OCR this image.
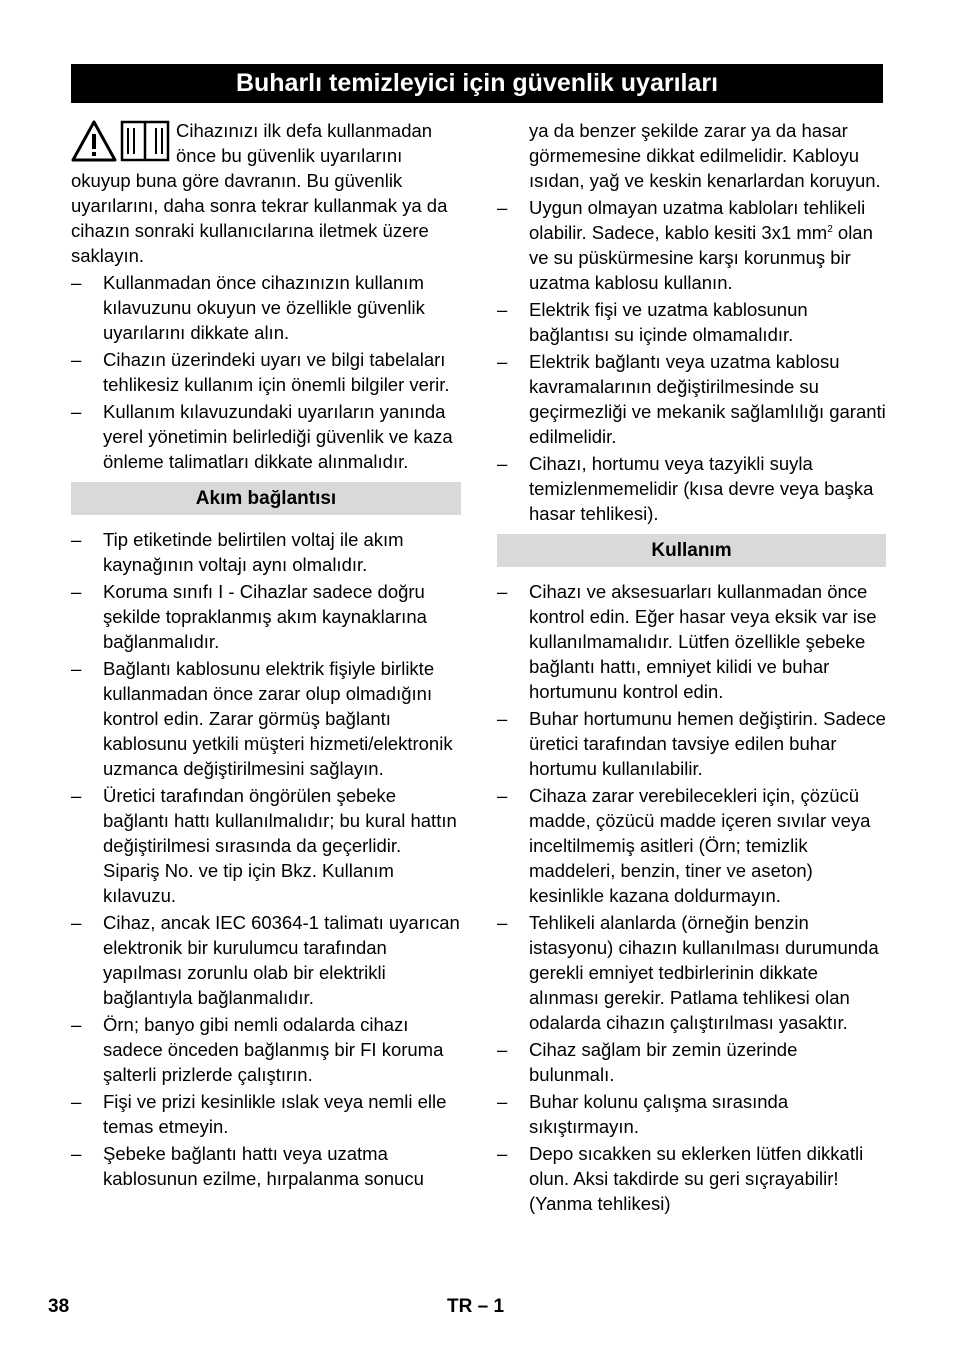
Buharlı temizleyici için güvenlik uyarıları

Cihazınızı ilk defa kullanmadan önce bu güvenlik uyarılarını okuyup buna göre davranın. Bu güvenlik uyarılarını, daha sonra tekrar kullanmak ya da cihazın sonraki kullanıcılarına iletmek üzere saklayın.

– Kullanmadan önce cihazınızın kullanım kılavuzunu okuyun ve özellikle güvenlik uyarılarını dikkate alın.
– Cihazın üzerindeki uyarı ve bilgi tabelaları tehlikesiz kullanım için önemli bilgiler verir.
– Kullanım kılavuzundaki uyarıların yanında yerel yönetimin belirlediği güvenlik ve kaza önleme talimatları dikkate alınmalıdır.
Akım bağlantısı
– Tip etiketinde belirtilen voltaj ile akım kaynağının voltajı aynı olmalıdır.
– Koruma sınıfı I - Cihazlar sadece doğru şekilde topraklanmış akım kaynaklarına bağlanmalıdır.
– Bağlantı kablosunu elektrik fişiyle birlikte kullanmadan önce zarar olup olmadığını kontrol edin. Zarar görmüş bağlantı kablosunu yetkili müşteri hizmeti/elektronik uzmanca değiştirilmesini sağlayın.
– Üretici tarafından öngörülen şebeke bağlantı hattı kullanılmalıdır; bu kural hattın değiştirilmesi sırasında da geçerlidir. Sipariş No. ve tip için Bkz. Kullanım kılavuzu.
– Cihaz, ancak IEC 60364-1 talimatı uyarıcan elektronik bir kurulumcu tarafından yapılması zorunlu olab bir elektrikli bağlantıyla bağlanmalıdır.
– Örn; banyo gibi nemli odalarda cihazı sadece önceden bağlanmış bir FI koruma şalterli prizlerde çalıştırın.
– Fişi ve prizi kesinlikle ıslak veya nemli elle temas etmeyin.
– Şebeke bağlantı hattı veya uzatma kablosunun ezilme, hırpalanma sonucu
ya da benzer şekilde zarar ya da hasar görmemesine dikkat edilmelidir. Kabloyu ısıdan, yağ ve keskin kenarlardan koruyun.
– Uygun olmayan uzatma kabloları tehlikeli olabilir. Sadece, kablo kesiti 3x1 $mm^2$ olan ve su püskürmesine karşı korunmuş bir uzatma kablosu kullanın.
– Elektrik fişi ve uzatma kablosunun bağlantısı su içinde olmamalıdır.
– Elektrik bağlantı veya uzatma kablosu kavramalarının değiştirilmesinde su geçirmezliği ve mekanik sağlamlılığı garanti edilmelidir.
– Cihazı, hortumu veya tazyikli suyla temizlenmemelidir (kısa devre veya başka hasar tehlikesi).
Kullanım
– Cihazı ve aksesuarları kullanmadan önce kontrol edin. Eğer hasar veya eksik var ise kullanılmamalıdır. Lütfen özellikle şebeke bağlantı hattı, emniyet kilidi ve buhar hortumunu kontrol edin.
– Buhar hortumunu hemen değiştirin. Sadece üretici tarafından tavsiye edilen buhar hortumu kullanılabilir.
– Cihaza zarar verebilecekleri için, çözücü madde, çözücü madde içeren sıvılar veya inceltilmemiş asitleri (Örn; temizlik maddeleri, benzin, tiner ve aseton) kesinlikle kazana doldurmayın.
– Tehlikeli alanlarda (örneğin benzin istasyonu) cihazın kullanılması durumunda gerekli emniyet tedbirlerinin dikkate alınması gerekir. Patlama tehlikesi olan odalarda cihazın çalıştırılması yasaktır.
– Cihaz sağlam bir zemin üzerinde bulunmalı.
– Buhar kolunu çalışma sırasında sıkıştırmayın.
– Depo sıcakken su eklerken lütfen dikkatli olun. Aksi takdirde su geri sıçrayabilir! (Yanma tehlikesi)
38	TR – 1
